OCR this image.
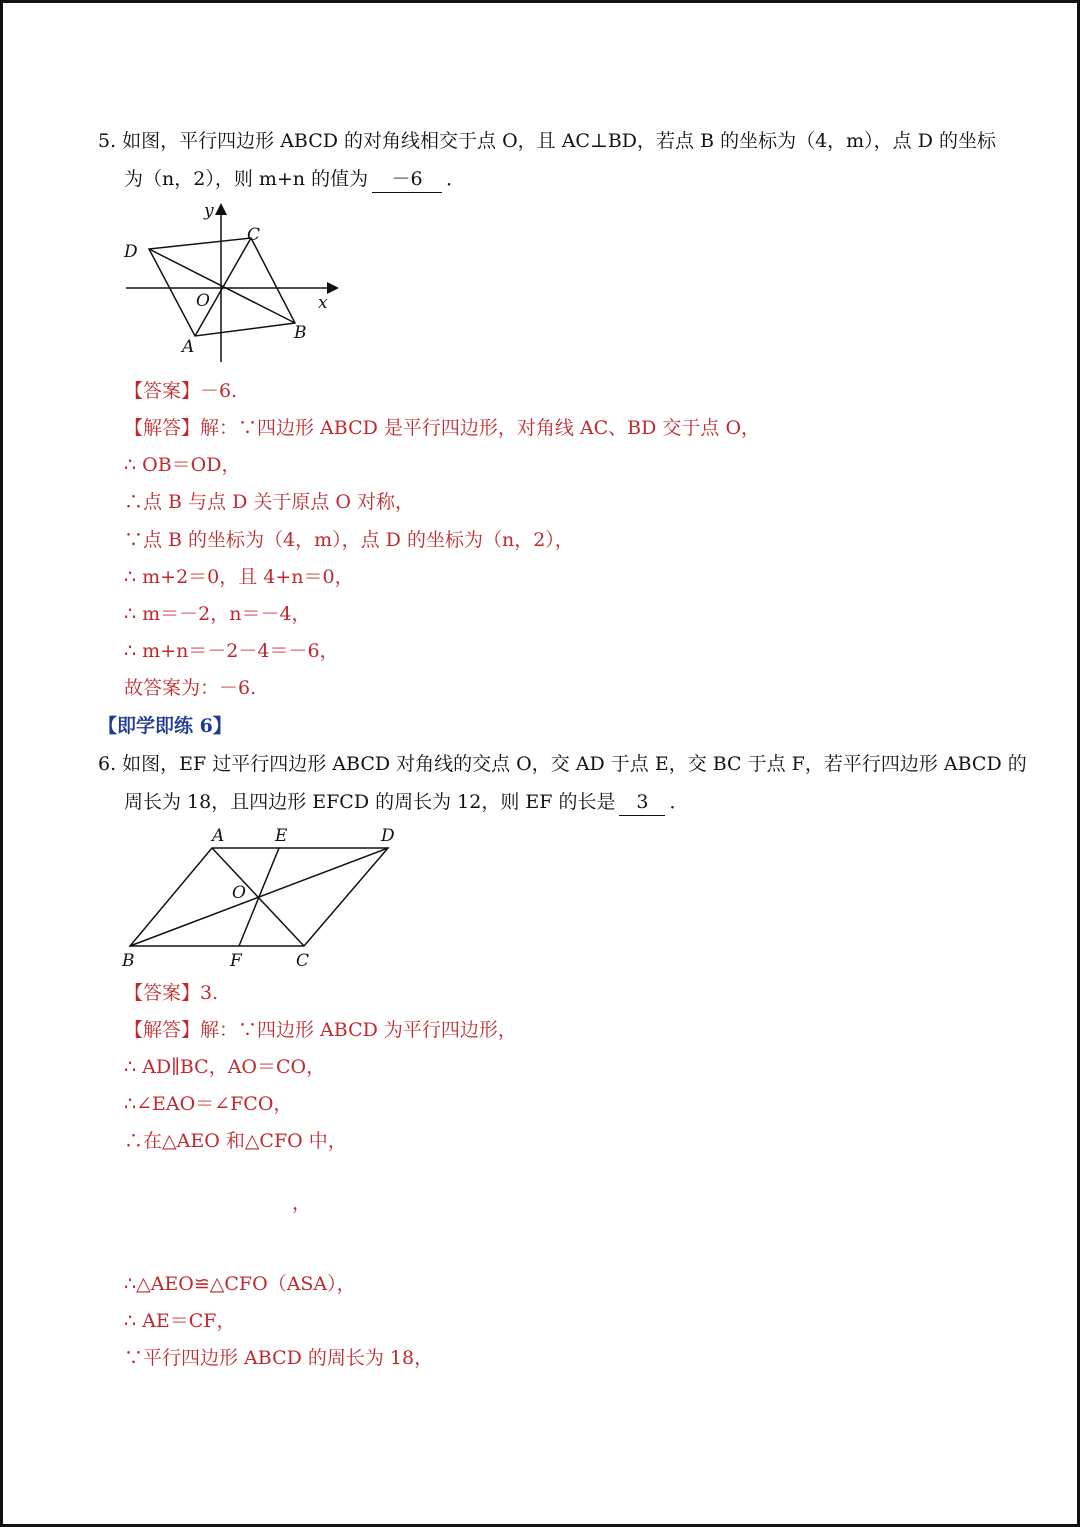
5. 如图，平行四边形 ABCD 的对角线相交于点 O，且 AC⊥BD，若点 B 的坐标为（4，m），点 D 的坐标
为（n，2），则 m+n 的值为 －6 ．
y
x
O
A
B
C
D
【答案】－6.
【解答】解：∵四边形 ABCD 是平行四边形，对角线 AC、BD 交于点 O，
∴ OB＝OD，
∴点 B 与点 D 关于原点 O 对称，
∵点 B 的坐标为（4，m），点 D 的坐标为（n，2），
∴ m+2＝0，且 4+n＝0，
∴ m＝－2，n＝－4，
∴ m+n＝－2－4＝－6，
故答案为：－6.
【即学即练 6】
6. 如图，EF 过平行四边形 ABCD 对角线的交点 O，交 AD 于点 E，交 BC 于点 F，若平行四边形 ABCD 的
周长为 18，且四边形 EFCD 的周长为 12，则 EF 的长是 3 ．
A	E	D
O
B	F	C
【答案】3.
【解答】解：∵四边形 ABCD 为平行四边形，
∴ AD∥BC，AO＝CO，
∴∠EAO＝∠FCO，
∴在△AEO 和△CFO 中，
，
∴△AEO≌△CFO（ASA），
∴ AE＝CF，
∵平行四边形 ABCD 的周长为 18，
